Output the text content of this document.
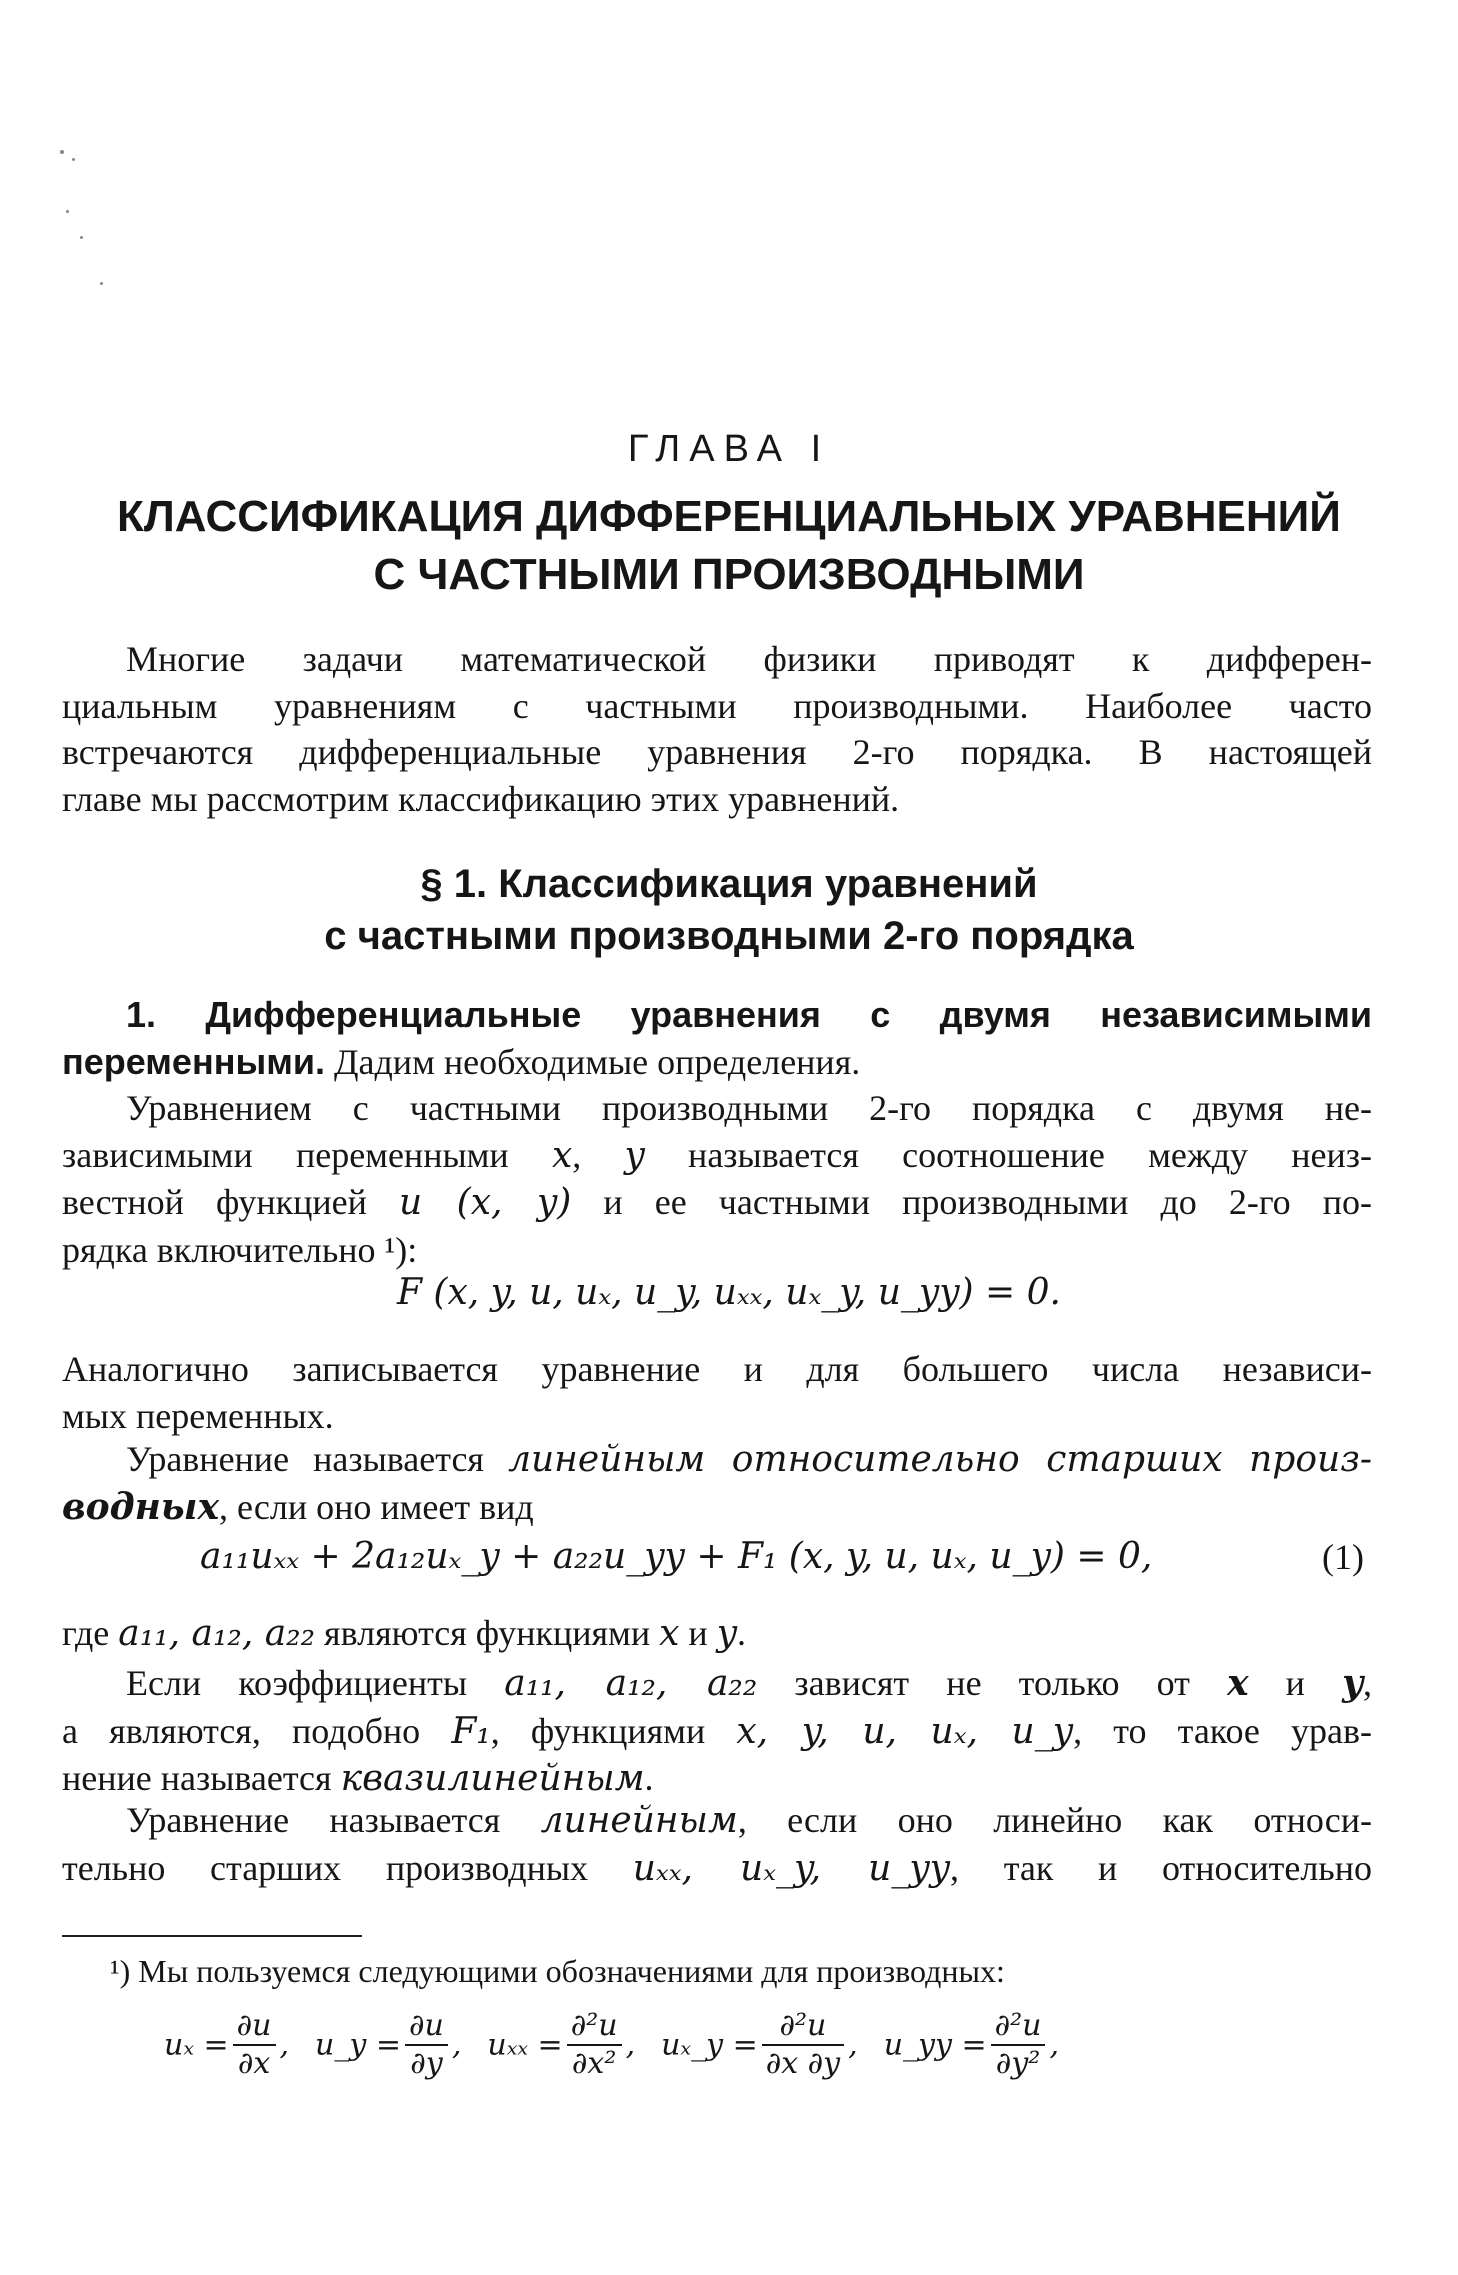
ГЛАВА I
КЛАССИФИКАЦИЯ ДИФФЕРЕНЦИАЛЬНЫХ УРАВНЕНИЙ
С ЧАСТНЫМИ ПРОИЗВОДНЫМИ
Многие задачи математической физики приводят к дифферен-
циальным уравнениям с частными производными. Наиболее часто
встречаются дифференциальные уравнения 2-го порядка. В настоящей
главе мы рассмотрим классификацию этих уравнений.
§ 1. Классификация уравнений
с частными производными 2-го порядка
1. Дифференциальные уравнения с двумя независимыми
переменными. Дадим необходимые определения.
Уравнением с частными производными 2-го порядка с двумя не-
зависимыми переменными x, y называется соотношение между неиз-
вестной функцией u (x, y) и ее частными производными до 2-го по-
рядка включительно ¹):
F (x, y, u, uₓ, u_y, uₓₓ, uₓ_y, u_yy) = 0.
Аналогично записывается уравнение и для большего числа независи-
мых переменных.
Уравнение называется линейным относительно старших произ-
водных, если оно имеет вид
a₁₁uₓₓ + 2a₁₂uₓ_y + a₂₂u_yy + F₁ (x, y, u, uₓ, u_y) = 0,	(1)
где a₁₁, a₁₂, a₂₂ являются функциями x и y.
Если коэффициенты a₁₁, a₁₂, a₂₂ зависят не только от x и y,
а являются, подобно F₁, функциями x, y, u, uₓ, u_y, то такое урав-
нение называется квазилинейным.
Уравнение называется линейным, если оно линейно как относи-
тельно старших производных uₓₓ, uₓ_y, u_yy, так и относительно
¹) Мы пользуемся следующими обозначениями для производных:
$u_x = \frac{\partial u}{\partial x}$ , u_y = $\frac{\partial u}{\partial y}$ , $u_{xx} = \frac{\text{∂²u}}{\text{∂x²}}$ , uₓ_y = $\frac{\text{∂²u}}{\partial x \partial y}$ , u_yy = $\frac{\text{∂²u}}{\text{∂y²}}$ ,
